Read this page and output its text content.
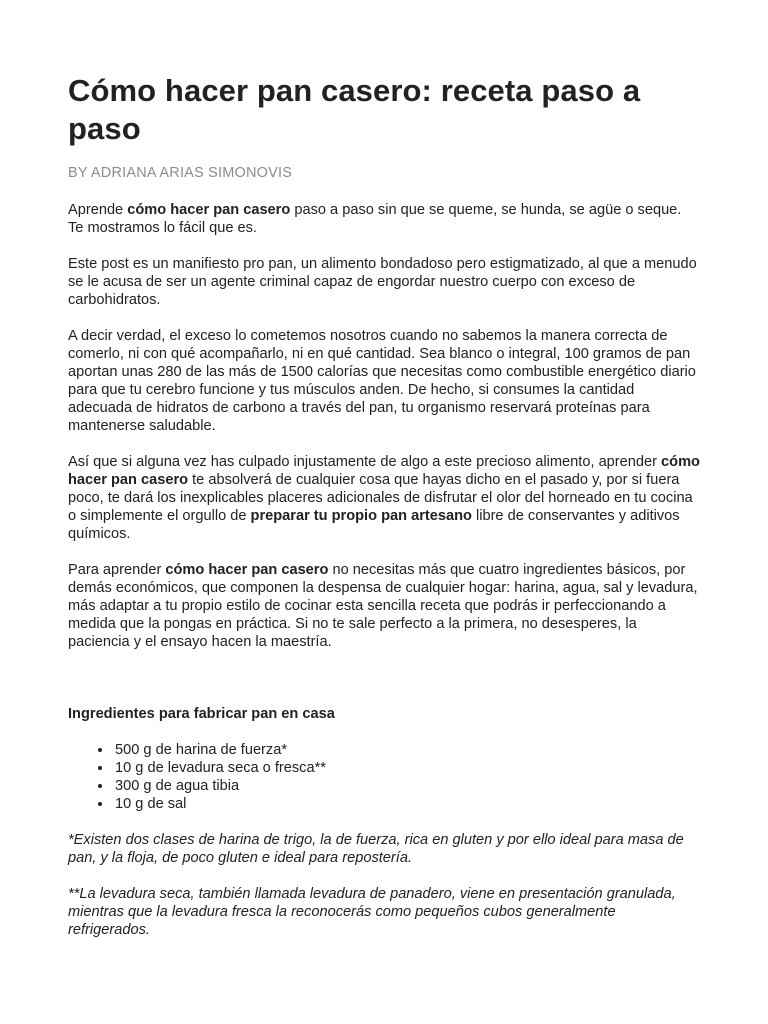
Cómo hacer pan casero: receta paso a paso
BY ADRIANA ARIAS SIMONOVIS

Aprende cómo hacer pan casero paso a paso sin que se queme, se hunda, se agüe o seque. Te mostramos lo fácil que es.

Este post es un manifiesto pro pan, un alimento bondadoso pero estigmatizado, al que a menudo se le acusa de ser un agente criminal capaz de engordar nuestro cuerpo con exceso de carbohidratos.

A decir verdad, el exceso lo cometemos nosotros cuando no sabemos la manera correcta de comerlo, ni con qué acompañarlo, ni en qué cantidad. Sea blanco o integral, 100 gramos de pan aportan unas 280 de las más de 1500 calorías que necesitas como combustible energético diario para que tu cerebro funcione y tus músculos anden. De hecho, si consumes la cantidad adecuada de hidratos de carbono a través del pan, tu organismo reservará proteínas para mantenerse saludable.

Así que si alguna vez has culpado injustamente de algo a este precioso alimento, aprender cómo hacer pan casero te absolverá de cualquier cosa que hayas dicho en el pasado y, por si fuera poco, te dará los inexplicables placeres adicionales de disfrutar el olor del horneado en tu cocina o simplemente el orgullo de preparar tu propio pan artesano libre de conservantes y aditivos químicos.

Para aprender cómo hacer pan casero no necesitas más que cuatro ingredientes básicos, por demás económicos, que componen la despensa de cualquier hogar: harina, agua, sal y levadura, más adaptar a tu propio estilo de cocinar esta sencilla receta que podrás ir perfeccionando a medida que la pongas en práctica. Si no te sale perfecto a la primera, no desesperes, la paciencia y el ensayo hacen la maestría.

Ingredientes para fabricar pan en casa
• 500 g de harina de fuerza*
• 10 g de levadura seca o fresca**
• 300 g de agua tibia
• 10 g de sal

*Existen dos clases de harina de trigo, la de fuerza, rica en gluten y por ello ideal para masa de pan, y la floja, de poco gluten e ideal para repostería.

**La levadura seca, también llamada levadura de panadero, viene en presentación granulada, mientras que la levadura fresca la reconocerás como pequeños cubos generalmente refrigerados.
